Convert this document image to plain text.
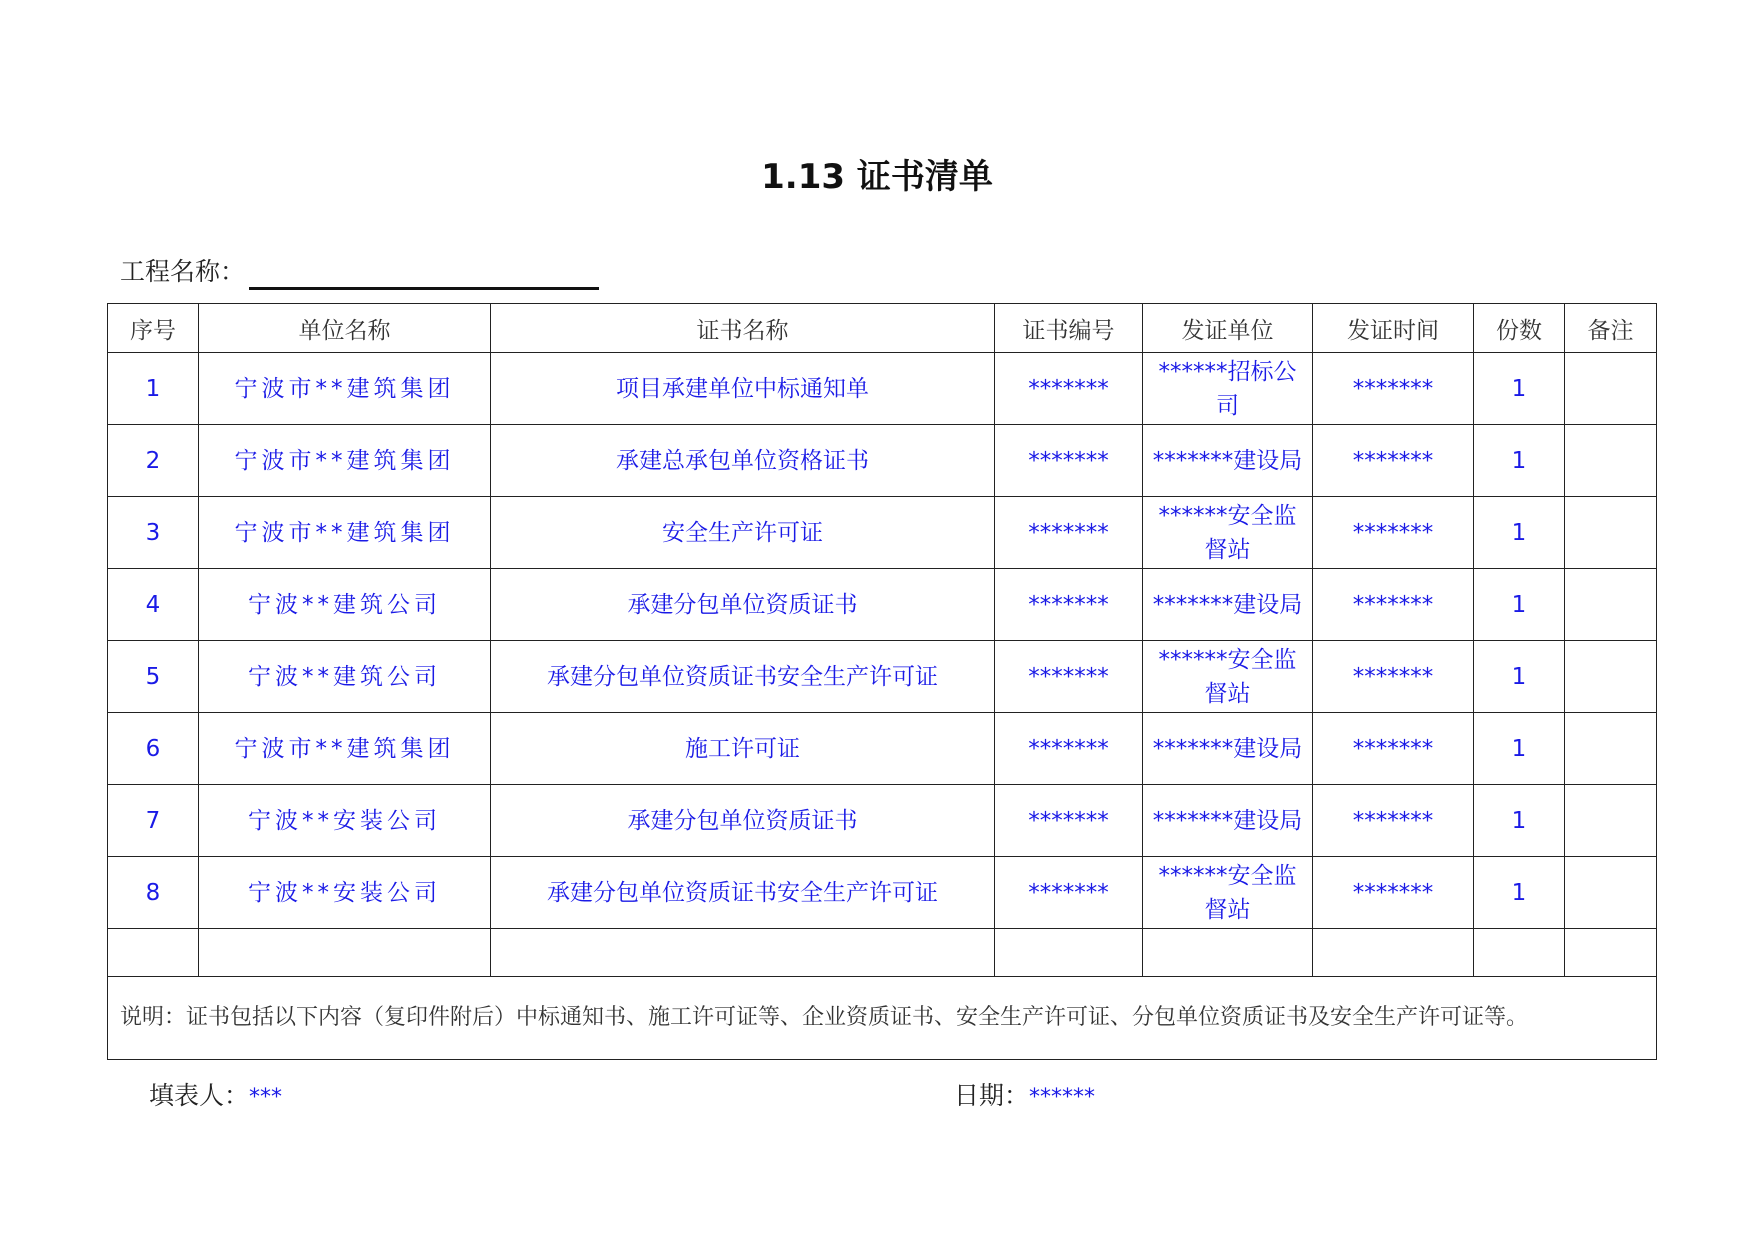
1.13 证书清单
工程名称：
序号	单位名称	证书名称	证书编号	发证单位	发证时间	份数	备注
1	宁波市**建筑集团	项目承建单位中标通知单	*******	******招标公司	*******	1	
2	宁波市**建筑集团	承建总承包单位资格证书	*******	*******建设局	*******	1	
3	宁波市**建筑集团	安全生产许可证	*******	******安全监督站	*******	1	
4	宁波**建筑公司	承建分包单位资质证书	*******	*******建设局	*******	1	
5	宁波**建筑公司	承建分包单位资质证书安全生产许可证	*******	******安全监督站	*******	1	
6	宁波市**建筑集团	施工许可证	*******	*******建设局	*******	1	
7	宁波**安装公司	承建分包单位资质证书	*******	*******建设局	*******	1	
8	宁波**安装公司	承建分包单位资质证书安全生产许可证	*******	******安全监督站	*******	1	

说明：证书包括以下内容（复印件附后）中标通知书、施工许可证等、企业资质证书、安全生产许可证、分包单位资质证书及安全生产许可证等。							
填表人：***	日期：******
